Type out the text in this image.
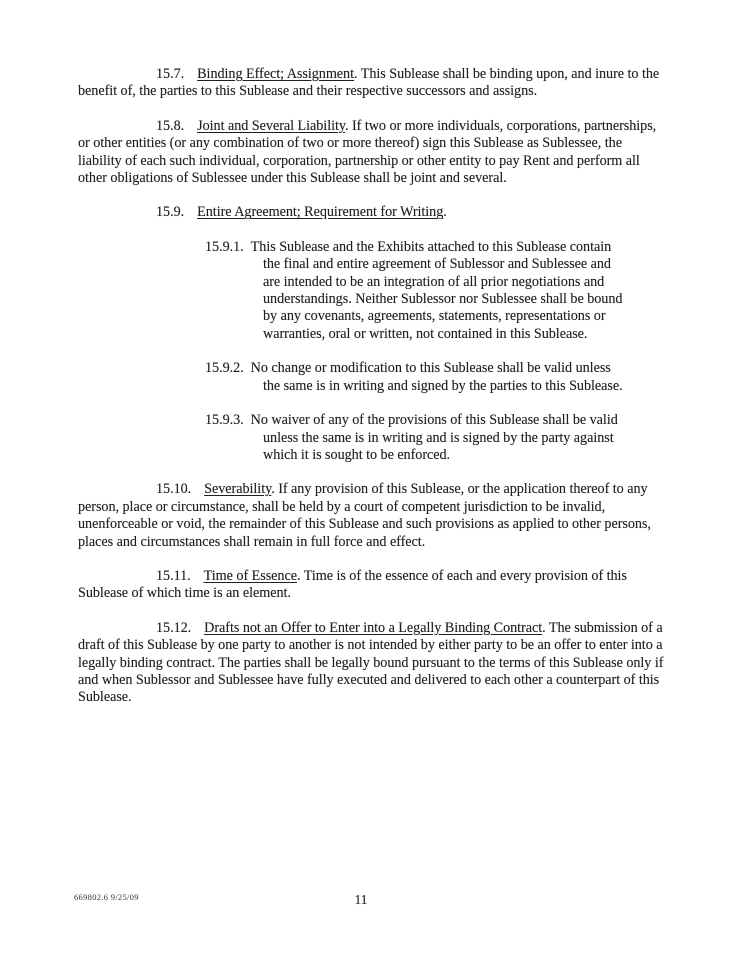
15.7. Binding Effect; Assignment. This Sublease shall be binding upon, and inure to the benefit of, the parties to this Sublease and their respective successors and assigns.

15.8. Joint and Several Liability. If two or more individuals, corporations, partnerships, or other entities (or any combination of two or more thereof) sign this Sublease as Sublessee, the liability of each such individual, corporation, partnership or other entity to pay Rent and perform all other obligations of Sublessee under this Sublease shall be joint and several.

15.9. Entire Agreement; Requirement for Writing.

15.9.1. This Sublease and the Exhibits attached to this Sublease contain the final and entire agreement of Sublessor and Sublessee and are intended to be an integration of all prior negotiations and understandings. Neither Sublessor nor Sublessee shall be bound by any covenants, agreements, statements, representations or warranties, oral or written, not contained in this Sublease.

15.9.2. No change or modification to this Sublease shall be valid unless the same is in writing and signed by the parties to this Sublease.

15.9.3. No waiver of any of the provisions of this Sublease shall be valid unless the same is in writing and is signed by the party against which it is sought to be enforced.

15.10. Severability. If any provision of this Sublease, or the application thereof to any person, place or circumstance, shall be held by a court of competent jurisdiction to be invalid, unenforceable or void, the remainder of this Sublease and such provisions as applied to other persons, places and circumstances shall remain in full force and effect.

15.11. Time of Essence. Time is of the essence of each and every provision of this Sublease of which time is an element.

15.12. Drafts not an Offer to Enter into a Legally Binding Contract. The submission of a draft of this Sublease by one party to another is not intended by either party to be an offer to enter into a legally binding contract. The parties shall be legally bound pursuant to the terms of this Sublease only if and when Sublessor and Sublessee have fully executed and delivered to each other a counterpart of this Sublease.

669802.6 9/25/09	11
